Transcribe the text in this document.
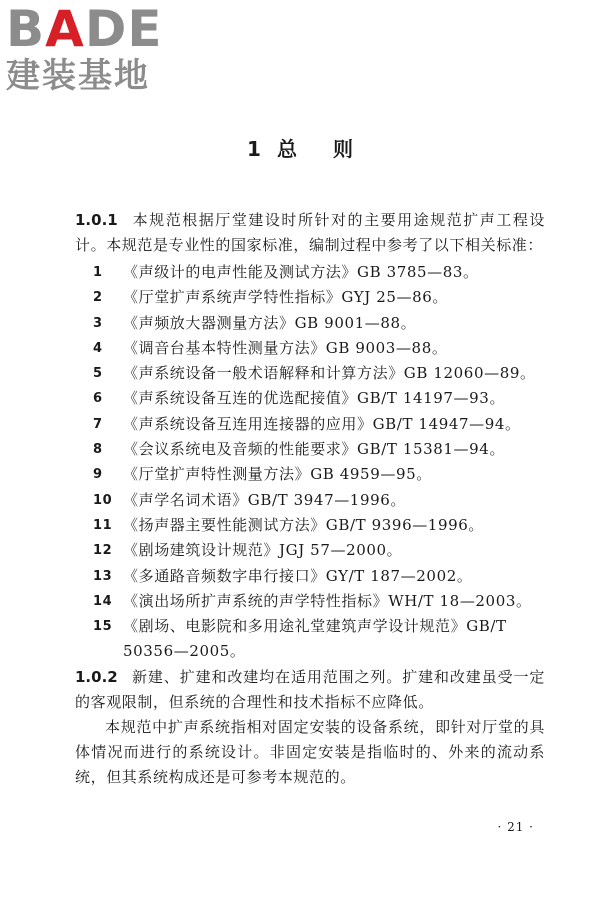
BADE
建装基地
1 总 则

1.0.1 本规范根据厅堂建设时所针对的主要用途规范扩声工程设计。本规范是专业性的国家标准，编制过程中参考了以下相关标准：

1	《声级计的电声性能及测试方法》GB 3785—83。
2	《厅堂扩声系统声学特性指标》GYJ 25—86。
3	《声频放大器测量方法》GB 9001—88。
4	《调音台基本特性测量方法》GB 9003—88。
5	《声系统设备一般术语解释和计算方法》GB 12060—89。
6	《声系统设备互连的优选配接值》GB/T 14197—93。
7	《声系统设备互连用连接器的应用》GB/T 14947—94。
8	《会议系统电及音频的性能要求》GB/T 15381—94。
9	《厅堂扩声特性测量方法》GB 4959—95。
10 《声学名词术语》GB/T 3947—1996。
11 《扬声器主要性能测试方法》GB/T 9396—1996。
12 《剧场建筑设计规范》JGJ 57—2000。
13 《多通路音频数字串行接口》GY/T 187—2002。
14 《演出场所扩声系统的声学特性指标》WH/T 18—2003。
15 《剧场、电影院和多用途礼堂建筑声学设计规范》GB/T 50356—2005。

1.0.2 新建、扩建和改建均在适用范围之列。扩建和改建虽受一定的客观限制，但系统的合理性和技术指标不应降低。

本规范中扩声系统指相对固定安装的设备系统，即针对厅堂的具体情况而进行的系统设计。非固定安装是指临时的、外来的流动系统，但其系统构成还是可参考本规范的。

· 21 ·
